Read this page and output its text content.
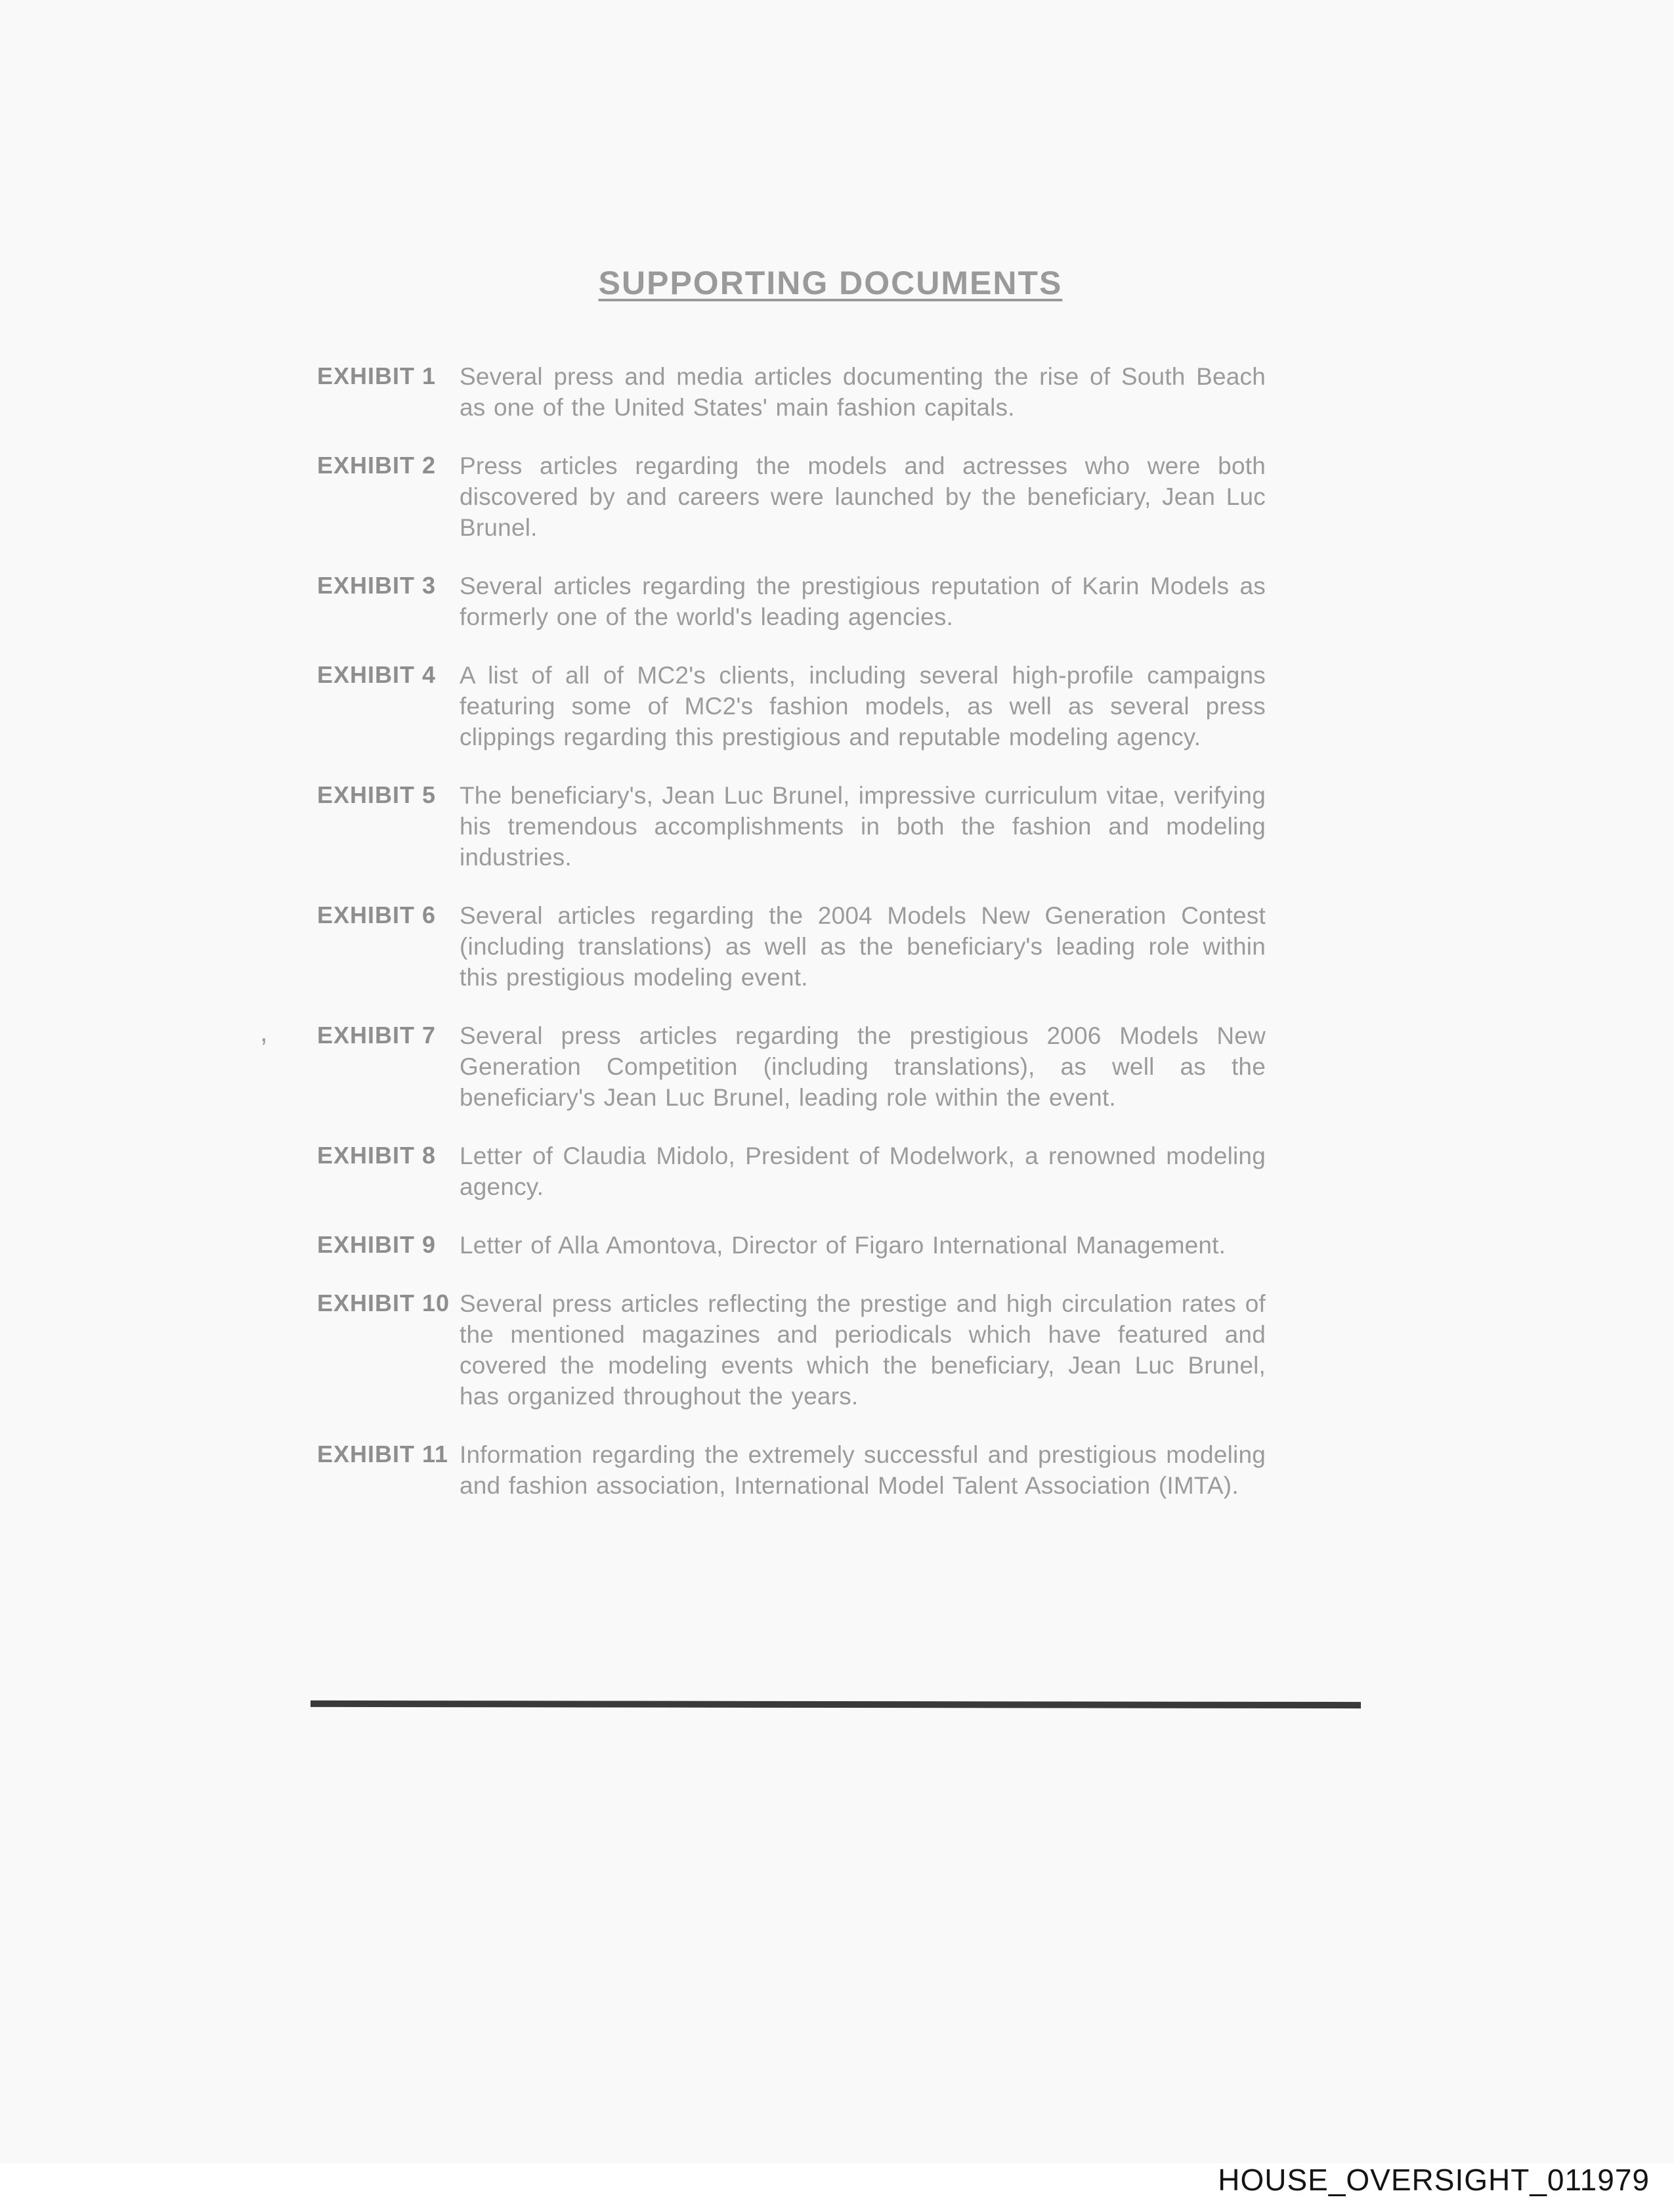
SUPPORTING DOCUMENTS
,
EXHIBIT 1 Several press and media articles documenting the rise of South Beach as one of the United States' main fashion capitals.
EXHIBIT 2 Press articles regarding the models and actresses who were both discovered by and careers were launched by the beneficiary, Jean Luc Brunel.
EXHIBIT 3 Several articles regarding the prestigious reputation of Karin Models as formerly one of the world's leading agencies.
EXHIBIT 4 A list of all of MC2's clients, including several high-profile campaigns featuring some of MC2's fashion models, as well as several press clippings regarding this prestigious and reputable modeling agency.
EXHIBIT 5 The beneficiary's, Jean Luc Brunel, impressive curriculum vitae, verifying his tremendous accomplishments in both the fashion and modeling industries.
EXHIBIT 6 Several articles regarding the 2004 Models New Generation Contest (including translations) as well as the beneficiary's leading role within this prestigious modeling event.
EXHIBIT 7 Several press articles regarding the prestigious 2006 Models New Generation Competition (including translations), as well as the beneficiary's Jean Luc Brunel, leading role within the event.
EXHIBIT 8 Letter of Claudia Midolo, President of Modelwork, a renowned modeling agency.
EXHIBIT 9 Letter of Alla Amontova, Director of Figaro International Management.
EXHIBIT 10 Several press articles reflecting the prestige and high circulation rates of the mentioned magazines and periodicals which have featured and covered the modeling events which the beneficiary, Jean Luc Brunel, has organized throughout the years.
EXHIBIT 11 Information regarding the extremely successful and prestigious modeling and fashion association, International Model Talent Association (IMTA).
HOUSE_OVERSIGHT_011979
